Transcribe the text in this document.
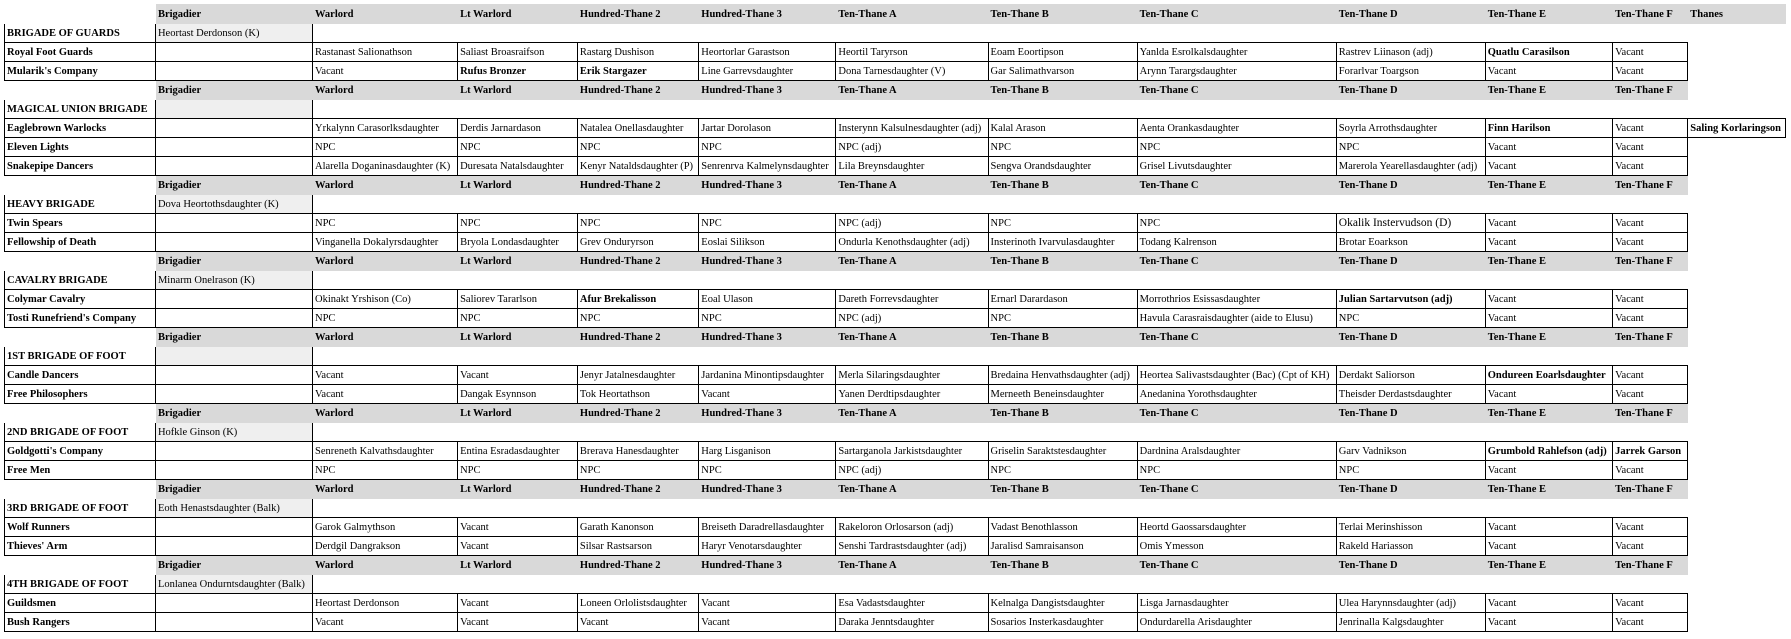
	Brigadier	Warlord	Lt Warlord	Hundred-Thane 2	Hundred-Thane 3	Ten-Thane A	Ten-Thane B	Ten-Thane C	Ten-Thane D	Ten-Thane E	Ten-Thane F	Thanes	
BRIGADE OF GUARDS	Heortast Derdonson (K)												
Royal Foot Guards		Rastanast Salionathson	Saliast Broasraifson	Rastarg Dushison	Heortorlar Garastson	Heortil Taryrson	Eoam Eoortipson	Yanlda Esrolkalsdaughter	Rastrev Liinason (adj)	Quatlu Carasilson	Vacant		
Mularik's Company		Vacant	Rufus Bronzer	Erik Stargazer	Line Garrevsdaughter	Dona Tarnesdaughter (V)	Gar Salimathvarson	Arynn Tarargsdaughter	Forarlvar Toargson	Vacant	Vacant		
	Brigadier	Warlord	Lt Warlord	Hundred-Thane 2	Hundred-Thane 3	Ten-Thane A	Ten-Thane B	Ten-Thane C	Ten-Thane D	Ten-Thane E	Ten-Thane F		
MAGICAL UNION BRIGADE													
Eaglebrown Warlocks		Yrkalynn Carasorlksdaughter	Derdis Jarnardason	Natalea Onellasdaughter	Jartar Dorolason	Insterynn Kalsulnesdaughter (adj)	Kalal Arason	Aenta Orankasdaughter	Soyrla Arrothsdaughter	Finn Harilson	Vacant	Saling Korlaringson	
Eleven Lights		NPC	NPC	NPC	NPC	NPC (adj)	NPC	NPC	NPC	Vacant	Vacant		
Snakepipe Dancers		Alarella Doganinasdaughter (K)	Duresata Natalsdaughter	Kenyr Nataldsdaughter (P)	Senrenrva Kalmelynsdaughter	Lila Breynsdaughter	Sengva Orandsdaughter	Grisel Livutsdaughter	Marerola Yearellasdaughter (adj)	Vacant	Vacant		
	Brigadier	Warlord	Lt Warlord	Hundred-Thane 2	Hundred-Thane 3	Ten-Thane A	Ten-Thane B	Ten-Thane C	Ten-Thane D	Ten-Thane E	Ten-Thane F		
HEAVY BRIGADE	Dova Heortothsdaughter (K)												
Twin Spears		NPC	NPC	NPC	NPC	NPC (adj)	NPC	NPC	Okalik Instervudson (D)	Vacant	Vacant		
Fellowship of Death		Vinganella Dokalyrsdaughter	Bryola Londasdaughter	Grev Onduryrson	Eoslai Silikson	Ondurla Kenothsdaughter (adj)	Insterinoth Ivarvulasdaughter	Todang Kalrenson	Brotar Eoarkson	Vacant	Vacant		
	Brigadier	Warlord	Lt Warlord	Hundred-Thane 2	Hundred-Thane 3	Ten-Thane A	Ten-Thane B	Ten-Thane C	Ten-Thane D	Ten-Thane E	Ten-Thane F		
CAVALRY BRIGADE	Minarm Onelrason (K)												
Colymar Cavalry		Okinakt Yrshison (Co)	Saliorev Tararlson	Afur Brekalisson	Eoal Ulason	Dareth Forrevsdaughter	Ernarl Darardason	Morrothrios Esissasdaughter	Julian Sartarvutson (adj)	Vacant	Vacant		
Tosti Runefriend's Company		NPC	NPC	NPC	NPC	NPC (adj)	NPC	Havula Carasraisdaughter (aide to Elusu)	NPC	Vacant	Vacant		
	Brigadier	Warlord	Lt Warlord	Hundred-Thane 2	Hundred-Thane 3	Ten-Thane A	Ten-Thane B	Ten-Thane C	Ten-Thane D	Ten-Thane E	Ten-Thane F		
1ST BRIGADE OF FOOT													
Candle Dancers		Vacant	Vacant	Jenyr Jatalnesdaughter	Jardanina Minontipsdaughter	Merla Silaringsdaughter	Bredaina Henvathsdaughter (adj)	Heortea Salivastsdaughter (Bac) (Cpt of KH)	Derdakt Saliorson	Ondureen Eoarlsdaughter	Vacant		
Free Philosophers		Vacant	Dangak Esynnson	Tok Heortathson	Vacant	Yanen Derdtipsdaughter	Merneeth Beneinsdaughter	Anedanina Yorothsdaughter	Theisder Derdastsdaughter	Vacant	Vacant		
	Brigadier	Warlord	Lt Warlord	Hundred-Thane 2	Hundred-Thane 3	Ten-Thane A	Ten-Thane B	Ten-Thane C	Ten-Thane D	Ten-Thane E	Ten-Thane F		
2ND BRIGADE OF FOOT	Hofkle Ginson (K)												
Goldgotti's Company		Senreneth Kalvathsdaughter	Entina Esradasdaughter	Brerava Hanesdaughter	Harg Lisganison	Sartarganola Jarkistsdaughter	Griselin Saraktstesdaughter	Dardnina Aralsdaughter	Garv Vadnikson	Grumbold Rahlefson (adj)	Jarrek Garson		
Free Men		NPC	NPC	NPC	NPC	NPC (adj)	NPC	NPC	NPC	Vacant	Vacant		
	Brigadier	Warlord	Lt Warlord	Hundred-Thane 2	Hundred-Thane 3	Ten-Thane A	Ten-Thane B	Ten-Thane C	Ten-Thane D	Ten-Thane E	Ten-Thane F		
3RD BRIGADE OF FOOT	Eoth Henastsdaughter (Balk)												
Wolf Runners		Garok Galmythson	Vacant	Garath Kanonson	Breiseth Daradrellasdaughter	Rakeloron Orlosarson (adj)	Vadast Benothlasson	Heortd Gaossarsdaughter	Terlai Merinshisson	Vacant	Vacant		
Thieves' Arm		Derdgil Dangrakson	Vacant	Silsar Rastsarson	Haryr Venotarsdaughter	Senshi Tardrastsdaughter (adj)	Jaralisd Samraisanson	Omis Ymesson	Rakeld Hariasson	Vacant	Vacant		
	Brigadier	Warlord	Lt Warlord	Hundred-Thane 2	Hundred-Thane 3	Ten-Thane A	Ten-Thane B	Ten-Thane C	Ten-Thane D	Ten-Thane E	Ten-Thane F		
4TH BRIGADE OF FOOT	Lonlanea Ondurntsdaughter (Balk)												
Guildsmen		Heortast Derdonson	Vacant	Loneen Orlolistsdaughter	Vacant	Esa Vadastsdaughter	Kelnalga Dangistsdaughter	Lisga Jarnasdaughter	Ulea Harynnsdaughter (adj)	Vacant	Vacant		
Bush Rangers		Vacant	Vacant	Vacant	Vacant	Daraka Jenntsdaughter	Sosarios Insterkasdaughter	Ondurdarella Arisdaughter	Jenrinalla Kalgsdaughter	Vacant	Vacant		
